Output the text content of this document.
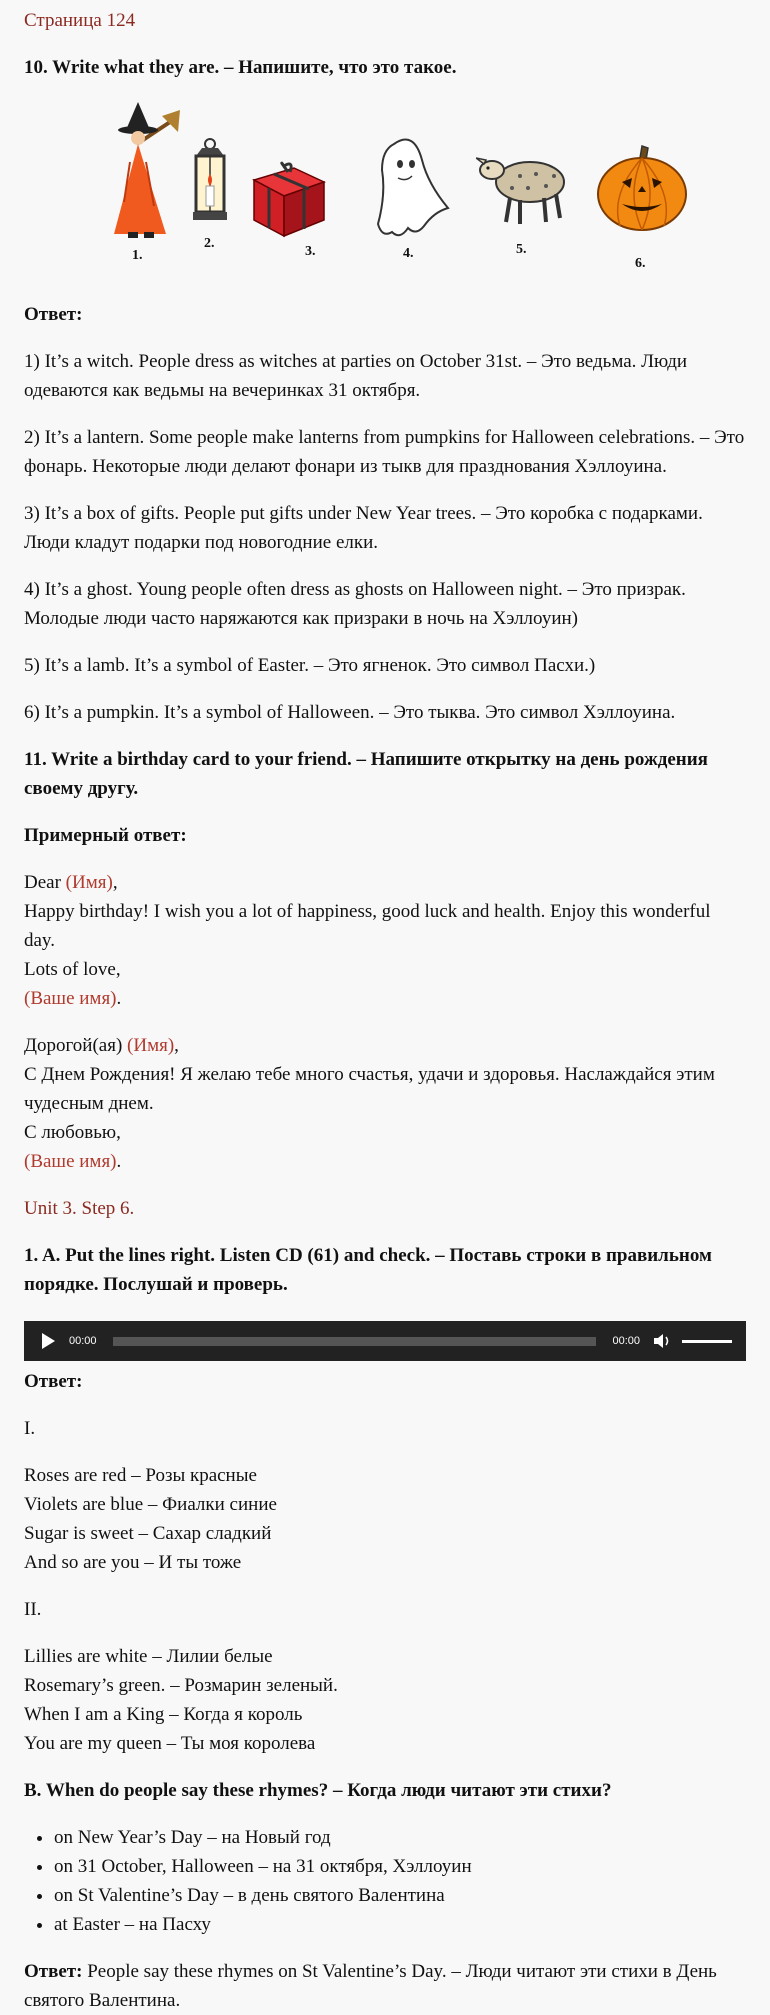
Страница 124

10. Write what they are. – Напишите, что это такое.
1.
2.
3.	4.	5.
6.
Ответ:

1) It’s a witch. People dress as witches at parties on October 31st. – Это ведьма. Люди одеваются как ведьмы на вечеринках 31 октября.

2) It’s a lantern. Some people make lanterns from pumpkins for Halloween celebrations. – Это фонарь. Некоторые люди делают фонари из тыкв для празднования Хэллоуина.

3) It’s a box of gifts. People put gifts under New Year trees. – Это коробка с подарками. Люди кладут подарки под новогодние елки.

4) It’s a ghost. Young people often dress as ghosts on Halloween night. – Это призрак. Молодые люди часто наряжаются как призраки в ночь на Хэллоуин)

5) It’s a lamb. It’s a symbol of Easter. – Это ягненок. Это символ Пасхи.)

6) It’s a pumpkin. It’s a symbol of Halloween. – Это тыква. Это символ Хэллоуина.

11. Write a birthday card to your friend. – Напишите открытку на день рождения своему другу.
Примерный ответ:

Dear (Имя),

Happy birthday! I wish you a lot of happiness, good luck and health. Enjoy this wonderful day.

Lots of love,

(Ваше имя).

Дорогой(ая) (Имя),

С Днем Рождения! Я желаю тебе много счастья, удачи и здоровья. Наслаждайся этим чудесным днем.

С любовью,

(Ваше имя).

Unit 3. Step 6.

1. A. Put the lines right. Listen CD (61) and check. – Поставь строки в правильном порядке. Послушай и проверь.
00:00	00:00
Ответ:

I.

Roses are red – Розы красные

Violets are blue – Фиалки синие

Sugar is sweet – Сахар сладкий

And so are you – И ты тоже

II.

Lillies are white – Лилии белые

Rosemary’s green. – Розмарин зеленый.

When I am a King – Когда я король

You are my queen – Ты моя королева

B. When do people say these rhymes? – Когда люди читают эти стихи?
• on New Year’s Day – на Новый год
• on 31 October, Halloween – на 31 октября, Хэллоуин
• on St Valentine’s Day – в день святого Валентина
• at Easter – на Пасху

Ответ: People say these rhymes on St Valentine’s Day. – Люди читают эти стихи в День святого Валентина.
